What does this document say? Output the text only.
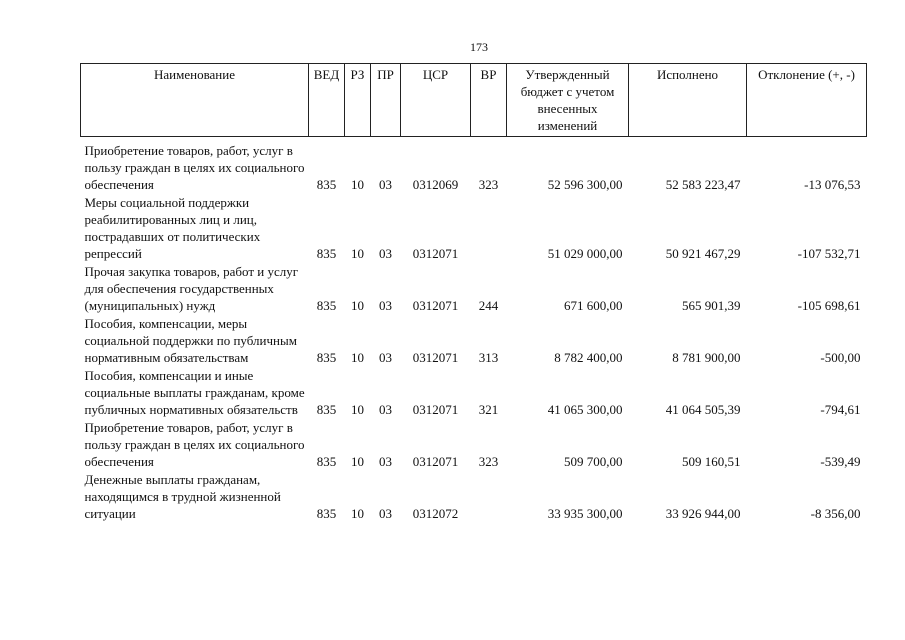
173
Наименование	ВЕД	РЗ	ПР	ЦСР	ВР	Утвержденный бюджет с учетом внесенных изменений	Исполнено	Отклонение (+, -)
Приобретение товаров, работ, услуг в пользу граждан в целях их социального обеспечения	835	10	03	0312069	323	52 596 300,00	52 583 223,47	-13 076,53
Меры социальной поддержки реабилитированных лиц и лиц, пострадавших от политических репрессий	835	10	03	0312071		51 029 000,00	50 921 467,29	-107 532,71
Прочая закупка товаров, работ и услуг для обеспечения государственных (муниципальных) нужд	835	10	03	0312071	244	671 600,00	565 901,39	-105 698,61
Пособия, компенсации, меры социальной поддержки по публичным нормативным обязательствам	835	10	03	0312071	313	8 782 400,00	8 781 900,00	-500,00
Пособия, компенсации и иные социальные выплаты гражданам, кроме публичных нормативных обязательств	835	10	03	0312071	321	41 065 300,00	41 064 505,39	-794,61
Приобретение товаров, работ, услуг в пользу граждан в целях их социального обеспечения	835	10	03	0312071	323	509 700,00	509 160,51	-539,49
Денежные выплаты гражданам, находящимся в трудной жизненной ситуации	835	10	03	0312072		33 935 300,00	33 926 944,00	-8 356,00
